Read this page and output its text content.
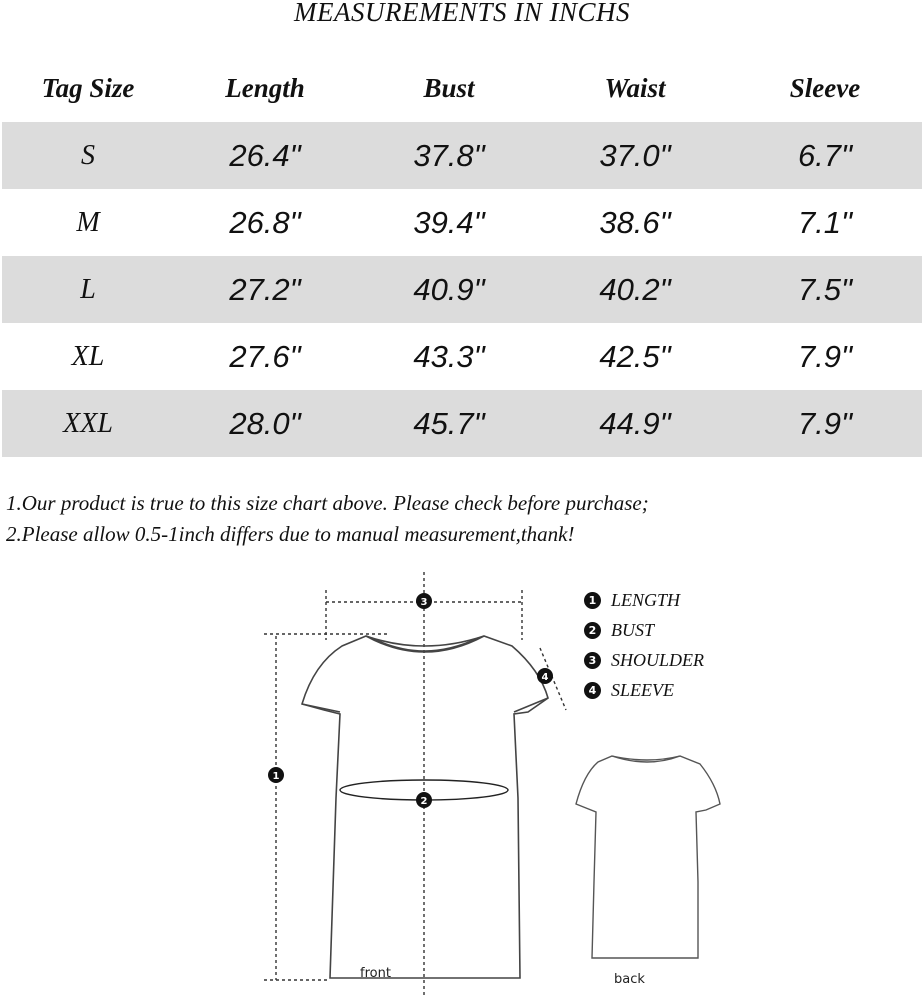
MEASUREMENTS IN INCHS
Tag Size	Length	Bust	Waist	Sleeve
S	26.4"	37.8"	37.0"	6.7"
M	26.8"	39.4"	38.6"	7.1"
L	27.2"	40.9"	40.2"	7.5"
XL	27.6"	43.3"	42.5"	7.9"
XXL	28.0"	45.7"	44.9"	7.9"
1.Our product is true to this size chart above. Please check before purchase;
2.Please allow 0.5-1inch differs due to manual measurement,thank!
3
4
1
2
1 LENGTH
2 BUST
3 SHOULDER
4 SLEEVE
front	back
